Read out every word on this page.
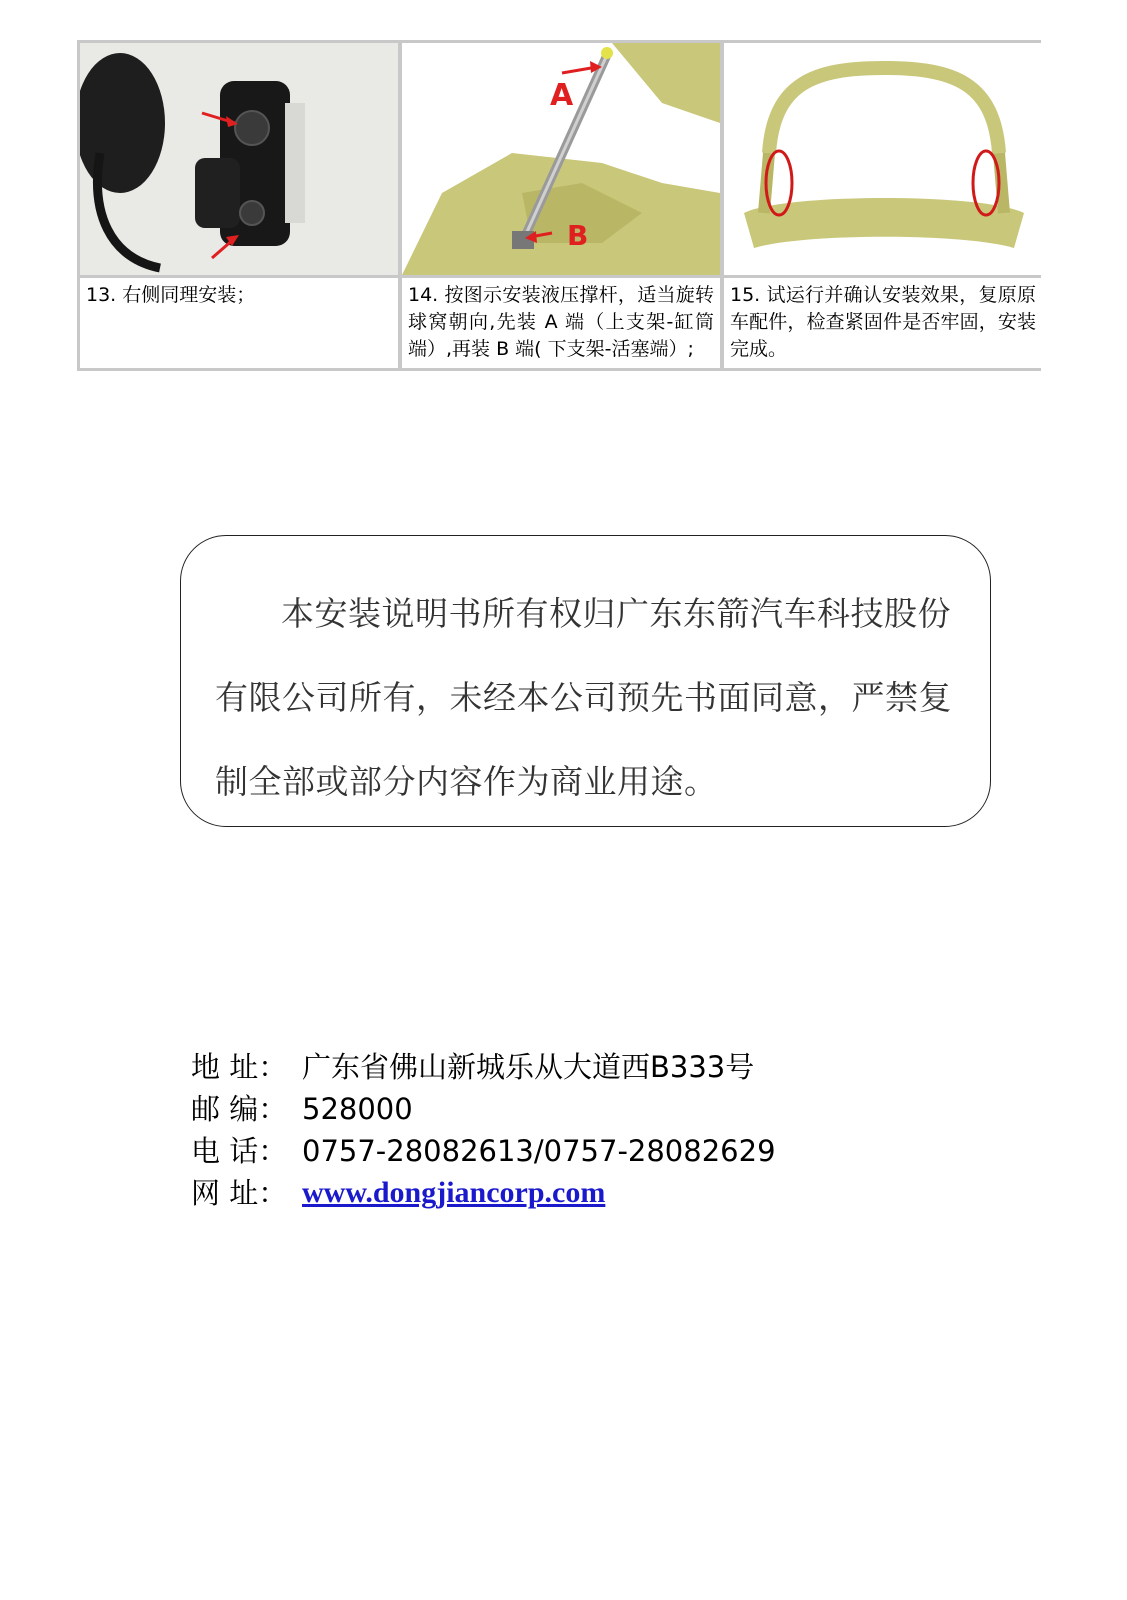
A
B
13. 右侧同理安装；	14. 按图示安装液压撑杆，适当旋转球窝朝向,先装 A 端（上支架-缸筒端）,再装 B 端( 下支架-活塞端）;
15. 试运行并确认安装效果，复原原车配件，检查紧固件是否牢固，安装完成。

本安装说明书所有权归广东东箭汽车科技股份有限公司所有，未经本公司预先书面同意，严禁复制全部或部分内容作为商业用途。

地 址： 广东省佛山新城乐从大道西B333号
邮 编： 528000
电 话： 0757-28082613/0757-28082629
网 址： www.dongjiancorp.com
